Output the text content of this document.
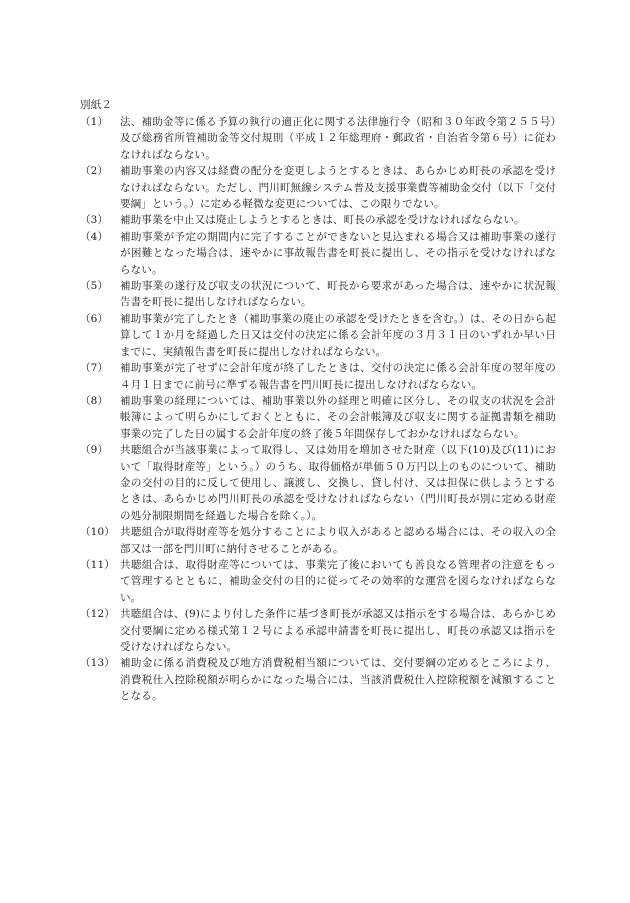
別紙２
（1）	法、補助金等に係る予算の執行の適正化に関する法律施行令（昭和３０年政令第２５５号）及び総務省所管補助金等交付規則（平成１２年総理府・郵政省・自治省令第６号）に従わなければならない。
（2）	補助事業の内容又は経費の配分を変更しようとするときは、あらかじめ町長の承認を受けなければならない。ただし、門川町無線システム普及支援事業費等補助金交付（以下「交付要綱」という。）に定める軽微な変更については、この限りでない。
（3）	補助事業を中止又は廃止しようとするときは、町長の承認を受けなければならない。
（4）	補助事業が予定の期間内に完了することができないと見込まれる場合又は補助事業の遂行が困難となった場合は、速やかに事故報告書を町長に提出し、その指示を受けなければならない。
（5）	補助事業の遂行及び収支の状況について、町長から要求があった場合は、速やかに状況報告書を町長に提出しなければならない。
（6）	補助事業が完了したとき（補助事業の廃止の承認を受けたときを含む。）は、その日から起算して１か月を経過した日又は交付の決定に係る会計年度の３月３１日のいずれか早い日までに、実績報告書を町長に提出しなければならない。
（7）	補助事業が完了せずに会計年度が終了したときは、交付の決定に係る会計年度の翌年度の４月１日までに前号に準ずる報告書を門川町長に提出しなければならない。
（8）	補助事業の経理については、補助事業以外の経理と明確に区分し、その収支の状況を会計帳簿によって明らかにしておくとともに、その会計帳簿及び収支に関する証拠書類を補助事業の完了した日の属する会計年度の終了後５年間保存しておかなければならない。
（9）	共聴組合が当該事業によって取得し、又は効用を増加させた財産（以下(10)及び(11)において「取得財産等」という。）のうち、取得価格が単価５０万円以上のものについて、補助金の交付の目的に反して使用し、譲渡し、交換し、貸し付け、又は担保に供しようとするときは、あらかじめ門川町長の承認を受けなければならない（門川町長が別に定める財産の処分制限期間を経過した場合を除く。）。
（10） 共聴組合が取得財産等を処分することにより収入があると認める場合には、その収入の全部又は一部を門川町に納付させることがある。
（11） 共聴組合は、取得財産等については、事業完了後においても善良なる管理者の注意をもって管理するとともに、補助金交付の目的に従ってその効率的な運営を図らなければならない。
（12） 共聴組合は、(9)により付した条件に基づき町長が承認又は指示をする場合は、あらかじめ交付要綱に定める様式第１２号による承認申請書を町長に提出し、町長の承認又は指示を受けなければならない。
（13） 補助金に係る消費税及び地方消費税相当額については、交付要綱の定めるところにより、消費税仕入控除税額が明らかになった場合には、当該消費税仕入控除税額を減額することとなる。
